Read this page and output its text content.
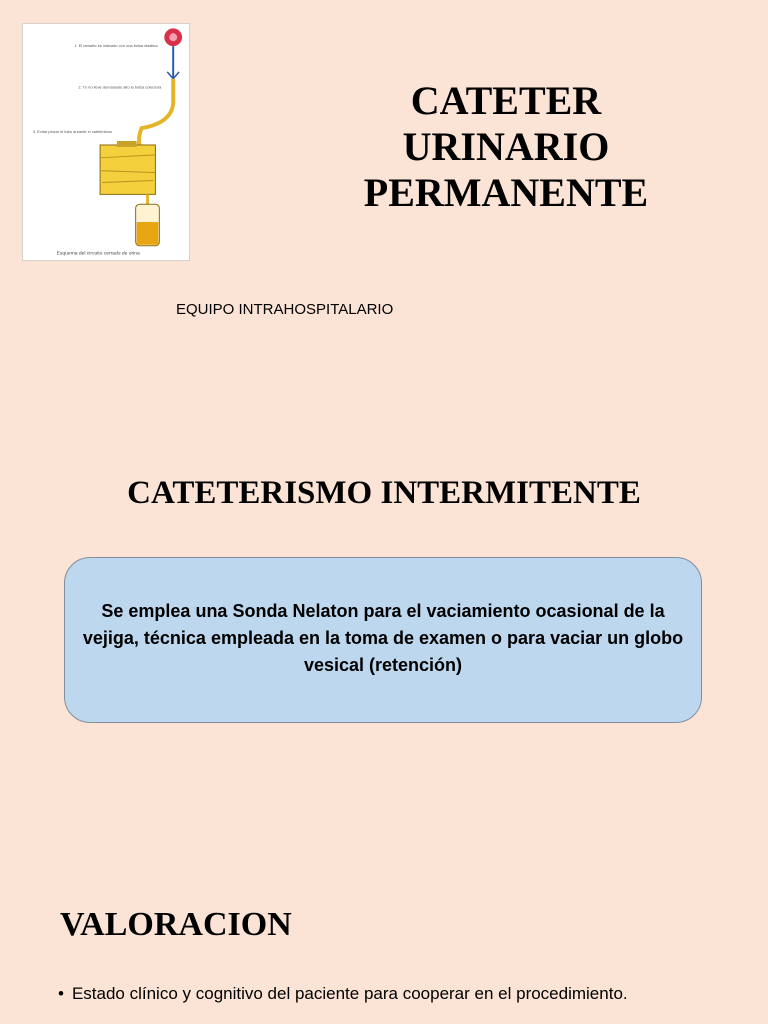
1. El tamaño es indicado con una bolsa elástica
2. Tu no lleve demasiado alto la bolsa colectora
3. Evitar pinzar el tubo durante el cateterismo
Esquema del circuito cerrado de orina
CATETER
URINARIO
PERMANENTE

EQUIPO INTRAHOSPITALARIO

CATETERISMO INTERMITENTE

Se emplea una Sonda Nelaton para el vaciamiento ocasional de la vejiga, técnica empleada en la toma de examen o para vaciar un globo vesical (retención)

VALORACION

• Estado clínico y cognitivo del paciente para cooperar en el procedimiento.
